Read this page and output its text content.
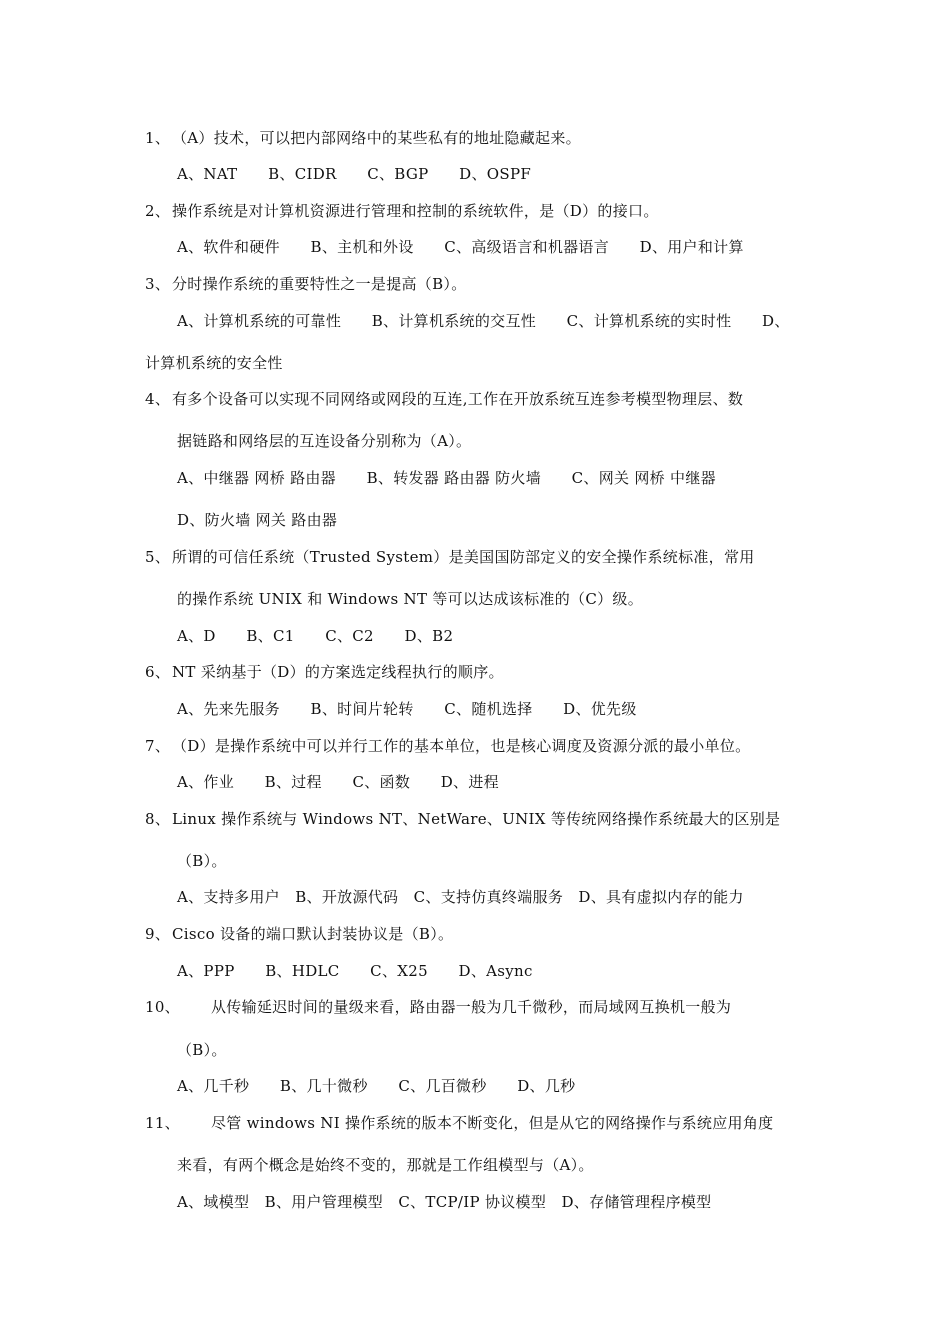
1、 （A）技术，可以把内部网络中的某些私有的地址隐藏起来。
A、NAT　　B、CIDR　　C、BGP　　D、OSPF
2、 操作系统是对计算机资源进行管理和控制的系统软件，是（D）的接口。
A、软件和硬件　　B、主机和外设　　C、高级语言和机器语言　　D、用户和计算
3、 分时操作系统的重要特性之一是提高（B）。
A、计算机系统的可靠性　　B、计算机系统的交互性　　C、计算机系统的实时性　　D、
计算机系统的安全性
4、 有多个设备可以实现不同网络或网段的互连,工作在开放系统互连参考模型物理层、数
据链路和网络层的互连设备分别称为（A）。
A、中继器 网桥 路由器　　B、转发器 路由器 防火墙　　C、网关 网桥 中继器
D、防火墙 网关 路由器
5、 所谓的可信任系统（Trusted System）是美国国防部定义的安全操作系统标准，常用
的操作系统 UNIX 和 Windows NT 等可以达成该标准的（C）级。
A、D　　B、C1　　C、C2　　D、B2
6、 NT 采纳基于（D）的方案选定线程执行的顺序。
A、先来先服务　　B、时间片轮转　　C、随机选择　　D、优先级
7、 （D）是操作系统中可以并行工作的基本单位，也是核心调度及资源分派的最小单位。
A、作业　　B、过程　　C、函数　　D、进程
8、 Linux 操作系统与 Windows NT、NetWare、UNIX 等传统网络操作系统最大的区别是
（B）。
A、支持多用户　B、开放源代码　C、支持仿真终端服务　D、具有虚拟内存的能力
9、 Cisco 设备的端口默认封装协议是（B）。
A、PPP　　B、HDLC　　C、X25　　D、Async
10、 从传输延迟时间的量级来看，路由器一般为几千微秒，而局域网互换机一般为
（B）。
A、几千秒　　B、几十微秒　　C、几百微秒　　D、几秒
11、 尽管 windows NI 操作系统的版本不断变化，但是从它的网络操作与系统应用角度
来看，有两个概念是始终不变的，那就是工作组模型与（A）。
A、域模型　B、用户管理模型　C、TCP/IP 协议模型　D、存储管理程序模型
